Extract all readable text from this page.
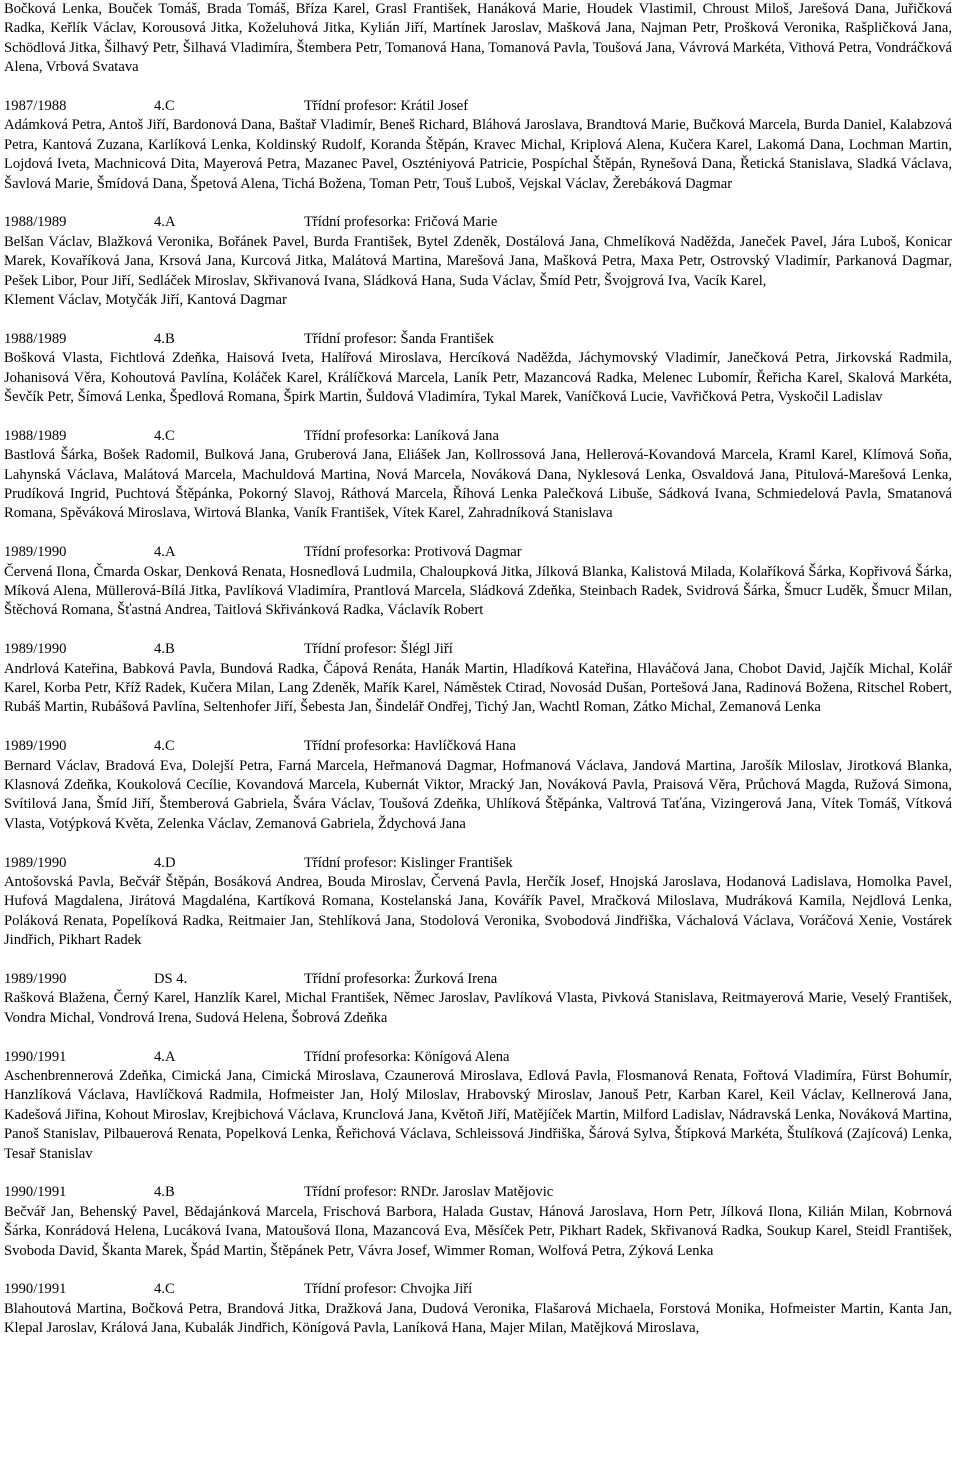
Bočková Lenka, Bouček Tomáš, Brada Tomáš, Bříza Karel, Grasl František, Hanáková Marie, Houdek Vlastimil, Chroust Miloš, Jarešová Dana, Juřičková Radka, Keřlík Václav, Korousová Jitka, Koželuhová Jitka, Kylián Jiří, Martínek Jaroslav, Mašková Jana, Najman Petr, Prošková Veronika, Rašpličková Jana, Schödlová Jitka, Šilhavý Petr, Šilhavá Vladimíra, Štembera Petr, Tomanová Hana, Tomanová Pavla, Toušová Jana, Vávrová Markéta, Vithová Petra, Vondráčková Alena, Vrbová Svatava

1987/1988	4.C	Třídní profesor: Krátil Josef
Adámková Petra, Antoš Jiří, Bardonová Dana, Baštař Vladimír, Beneš Richard, Bláhová Jaroslava, Brandtová Marie, Bučková Marcela, Burda Daniel, Kalabzová Petra, Kantová Zuzana, Karlíková Lenka, Koldinský Rudolf, Koranda Štěpán, Kravec Michal, Kriplová Alena, Kučera Karel, Lakomá Dana, Lochman Martin, Lojdová Iveta, Machnicová Dita, Mayerová Petra, Mazanec Pavel, Oszténiyová Patricie, Pospíchal Štěpán, Rynešová Dana, Řetická Stanislava, Sladká Václava, Šavlová Marie, Šmídová Dana, Špetová Alena, Tichá Božena, Toman Petr, Touš Luboš, Vejskal Václav, Žerebáková Dagmar
1988/1989	4.A	Třídní profesorka: Fričová Marie
Belšan Václav, Blažková Veronika, Bořánek Pavel, Burda František, Bytel Zdeněk, Dostálová Jana, Chmelíková Naděžda, Janeček Pavel, Jára Luboš, Konicar Marek, Kovaříková Jana, Krsová Jana, Kurcová Jitka, Malátová Martina, Marešová Jana, Mašková Petra, Maxa Petr, Ostrovský Vladimír, Parkanová Dagmar, Pešek Libor, Pour Jiří, Sedláček Miroslav, Skřivanová Ivana, Sládková Hana, Suda Václav, Šmíd Petr, Švojgrová Iva, Vacík Karel,
Klement Václav, Motyčák Jiří, Kantová Dagmar
1988/1989	4.B	Třídní profesor: Šanda František
Bošková Vlasta, Fichtlová Zdeňka, Haisová Iveta, Halířová Miroslava, Hercíková Naděžda, Jáchymovský Vladimír, Janečková Petra, Jirkovská Radmila, Johanisová Věra, Kohoutová Pavlína, Koláček Karel, Králíčková Marcela, Laník Petr, Mazancová Radka, Melenec Lubomír, Řeřicha Karel, Skalová Markéta, Ševčík Petr, Šímová Lenka, Špedlová Romana, Špirk Martin, Šuldová Vladimíra, Tykal Marek, Vaníčková Lucie, Vavřičková Petra, Vyskočil Ladislav
1988/1989	4.C	Třídní profesorka: Laníková Jana
Bastlová Šárka, Bošek Radomil, Bulková Jana, Gruberová Jana, Eliášek Jan, Kollrossová Jana, Hellerová-Kovandová Marcela, Kraml Karel, Klímová Soňa, Lahynská Václava, Malátová Marcela, Machuldová Martina, Nová Marcela, Nováková Dana, Nyklesová Lenka, Osvaldová Jana, Pitulová-Marešová Lenka, Prudíková Ingrid, Puchtová Štěpánka, Pokorný Slavoj, Ráthová Marcela, Říhová Lenka Palečková Libuše, Sádková Ivana, Schmiedelová Pavla, Smatanová Romana, Spěváková Miroslava, Wirtová Blanka, Vaník František, Vítek Karel, Zahradníková Stanislava
1989/1990	4.A	Třídní profesorka: Protivová Dagmar
Červená Ilona, Čmarda Oskar, Denková Renata, Hosnedlová Ludmila, Chaloupková Jitka, Jílková Blanka, Kalistová Milada, Kolaříková Šárka, Kopřivová Šárka, Míková Alena, Müllerová-Bílá Jitka, Pavlíková Vladimíra, Prantlová Marcela, Sládková Zdeňka, Steinbach Radek, Svidrová Šárka, Šmucr Luděk, Šmucr Milan, Štěchová Romana, Šťastná Andrea, Taitlová Skřivánková Radka, Václavík Robert
1989/1990	4.B	Třídní profesor: Šlégl Jiří
Andrlová Kateřina, Babková Pavla, Bundová Radka, Čápová Renáta, Hanák Martin, Hladíková Kateřina, Hlaváčová Jana, Chobot David, Jajčík Michal, Kolář Karel, Korba Petr, Kříž Radek, Kučera Milan, Lang Zdeněk, Mařík Karel, Náměstek Ctirad, Novosád Dušan, Portešová Jana, Radinová Božena, Ritschel Robert, Rubáš Martin, Rubášová Pavlína, Seltenhofer Jiří, Šebesta Jan, Šindelář Ondřej, Tichý Jan, Wachtl Roman, Zátko Michal, Zemanová Lenka
1989/1990	4.C	Třídní profesorka: Havlíčková Hana
Bernard Václav, Bradová Eva, Dolejší Petra, Farná Marcela, Heřmanová Dagmar, Hofmanová Václava, Jandová Martina, Jarošík Miloslav, Jirotková Blanka, Klasnová Zdeňka, Koukolová Cecílie, Kovandová Marcela, Kubernát Viktor, Mracký Jan, Nováková Pavla, Praisová Věra, Průchová Magda, Ružová Simona, Svítilová Jana, Šmíd Jiří, Štemberová Gabriela, Švára Václav, Toušová Zdeňka, Uhlíková Štěpánka, Valtrová Taťána, Vizingerová Jana, Vítek Tomáš, Vítková Vlasta, Votýpková Květa, Zelenka Václav, Zemanová Gabriela, Ždychová Jana
1989/1990	4.D	Třídní profesor: Kislinger František
Antošovská Pavla, Bečvář Štěpán, Bosáková Andrea, Bouda Miroslav, Červená Pavla, Herčík Josef, Hnojská Jaroslava, Hodanová Ladislava, Homolka Pavel, Hufová Magdalena, Jirátová Magdaléna, Kartíková Romana, Kostelanská Jana, Kovářík Pavel, Mračková Miloslava, Mudráková Kamila, Nejdlová Lenka, Poláková Renata, Popelíková Radka, Reitmaier Jan, Stehlíková Jana, Stodolová Veronika, Svobodová Jindřiška, Váchalová Václava, Voráčová Xenie, Vostárek Jindřich, Pikhart Radek
1989/1990	DS 4.	Třídní profesorka: Žurková Irena
Rašková Blažena, Černý Karel, Hanzlík Karel, Michal František, Němec Jaroslav, Pavlíková Vlasta, Pivková Stanislava, Reitmayerová Marie, Veselý František, Vondra Michal, Vondrová Irena, Sudová Helena, Šobrová Zdeňka
1990/1991	4.A	Třídní profesorka: Könígová Alena
Aschenbrennerová Zdeňka, Cimická Jana, Cimická Miroslava, Czaunerová Miroslava, Edlová Pavla, Flosmanová Renata, Fořtová Vladimíra, Fürst Bohumír, Hanzlíková Václava, Havlíčková Radmila, Hofmeister Jan, Holý Miloslav, Hrabovský Miroslav, Janouš Petr, Karban Karel, Keil Václav, Kellnerová Jana, Kadešová Jiřina, Kohout Miroslav, Krejbichová Václava, Krunclová Jana, Květoň Jiří, Matějíček Martin, Milford Ladislav, Nádravská Lenka, Nováková Martina, Panoš Stanislav, Pilbauerová Renata, Popelková Lenka, Řeřichová Václava, Schleissová Jindřiška, Šárová Sylva, Štípková Markéta, Štulíková (Zajícová) Lenka, Tesař Stanislav
1990/1991	4.B	Třídní profesor: RNDr. Jaroslav Matějovic
Bečvář Jan, Behenský Pavel, Bědajánková Marcela, Frischová Barbora, Halada Gustav, Hánová Jaroslava, Horn Petr, Jílková Ilona, Kilián Milan, Kobrnová Šárka, Konrádová Helena, Lucáková Ivana, Matoušová Ilona, Mazancová Eva, Měsíček Petr, Pikhart Radek, Skřivanová Radka, Soukup Karel, Steidl František, Svoboda David, Škanta Marek, Špád Martin, Štěpánek Petr, Vávra Josef, Wimmer Roman, Wolfová Petra, Zýková Lenka
1990/1991	4.C	Třídní profesor: Chvojka Jiří
Blahoutová Martina, Bočková Petra, Brandová Jitka, Dražková Jana, Dudová Veronika, Flašarová Michaela, Forstová Monika, Hofmeister Martin, Kanta Jan, Klepal Jaroslav, Králová Jana, Kubalák Jindřich, Könígová Pavla, Laníková Hana, Majer Milan, Matějková Miroslava,
